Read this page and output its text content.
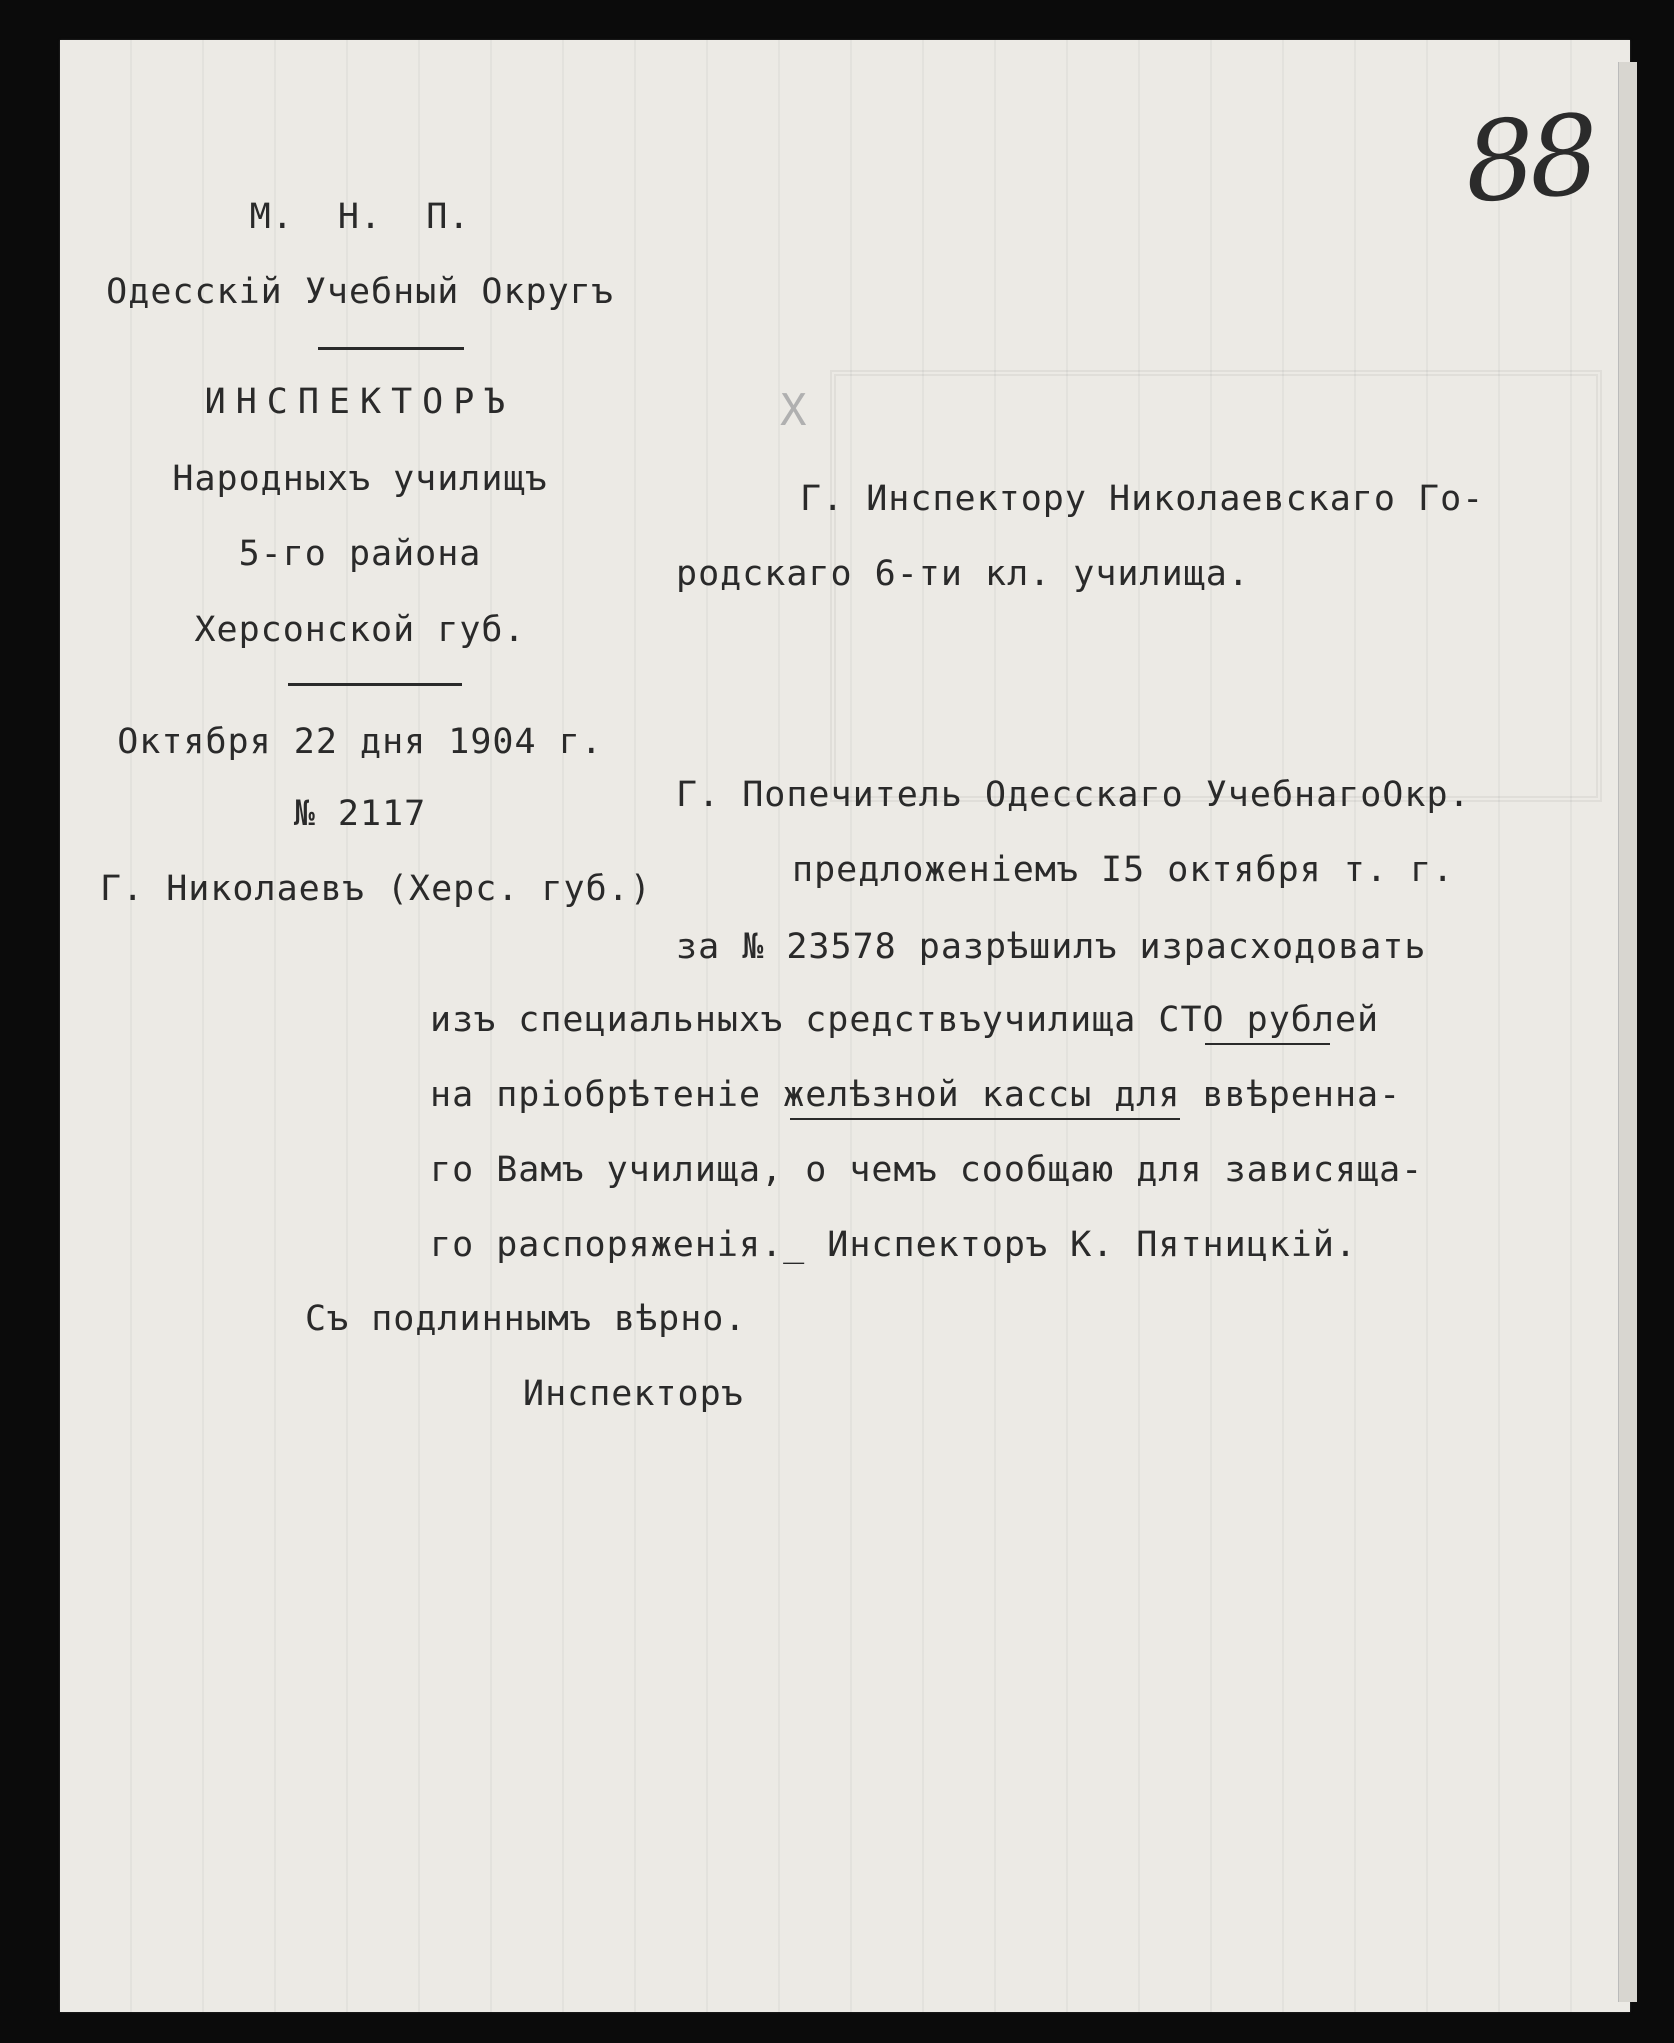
Х
88
М.  Н.  П.
Одесскiй Учебный Округъ
ИНСПЕКТОРЪ
Народныхъ училищъ
5-го района
Херсонской губ.
Октября 22 дня 1904 г.
№ 2117
Г. Николаевъ (Херс. губ.)
Г. Инспектору Николаевскаго Го-
родскаго 6-ти кл. училища.
Г. Попечитель Одесскаго УчебнагоОкр.
предложенiемъ I5 октября т. г.
за № 23578 разрѣшилъ израсходовать
изъ специальныхъ средствъучилища СТО рублей
на прiобрѣтенiе желѣзной кассы для ввѣренна-
го Вамъ училища, о чемъ сообщаю для зависяща-
го распоряженiя._ Инспекторъ К. Пятницкiй.
Съ подлиннымъ вѣрно.
Инспекторъ
